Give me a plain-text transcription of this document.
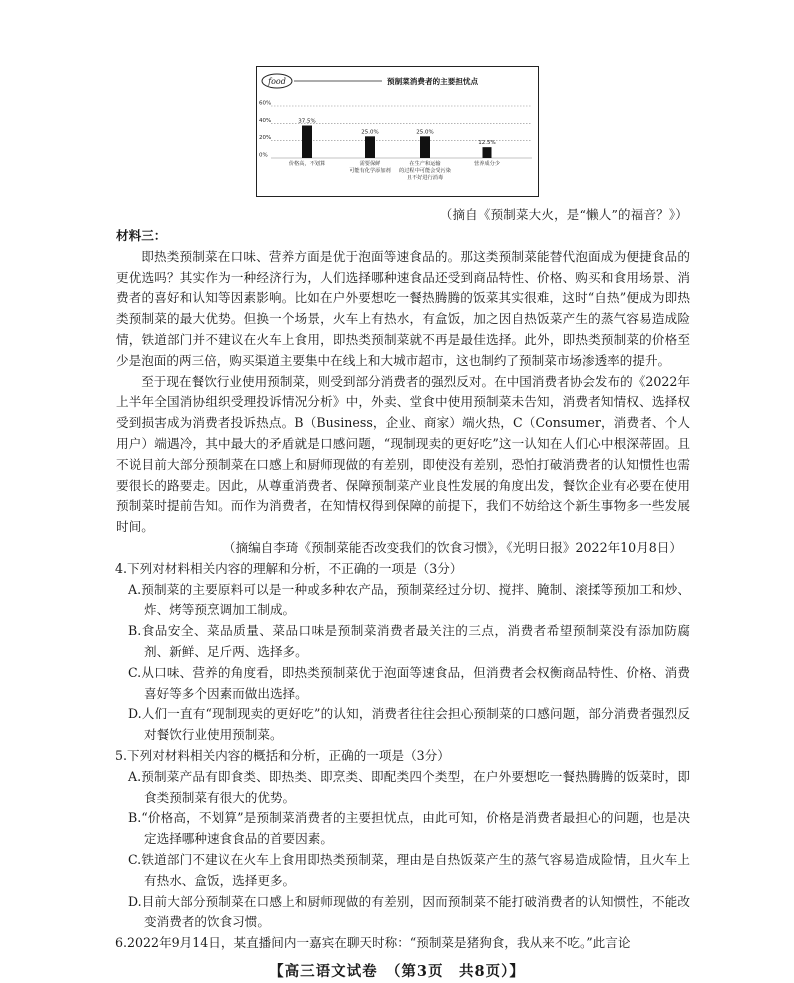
food	预制菜消费者的主要担忧点
0%
20%
40%
60%
37.5%
价格高，不划算
25.0%
需要保鲜
可能有化学添加剂
25.0%
在生产和运输
的过程中可能会受污染
且不好进行消毒
12.5%
营养成分少
（摘自《预制菜大火，是“懒人”的福音？》）

材料三：

即热类预制菜在口味、营养方面是优于泡面等速食品的。那这类预制菜能替代泡面成为便捷食品的更优选吗？其实作为一种经济行为，人们选择哪种速食品还受到商品特性、价格、购买和食用场景、消费者的喜好和认知等因素影响。比如在户外要想吃一餐热腾腾的饭菜其实很难，这时“自热”便成为即热类预制菜的最大优势。但换一个场景，火车上有热水，有盒饭，加之因自热饭菜产生的蒸气容易造成险情，铁道部门并不建议在火车上食用，即热类预制菜就不再是最佳选择。此外，即热类预制菜的价格至少是泡面的两三倍，购买渠道主要集中在线上和大城市超市，这也制约了预制菜市场渗透率的提升。

至于现在餐饮行业使用预制菜，则受到部分消费者的强烈反对。在中国消费者协会发布的《2022年上半年全国消协组织受理投诉情况分析》中，外卖、堂食中使用预制菜未告知，消费者知情权、选择权受到损害成为消费者投诉热点。B（Business，企业、商家）端火热，C（Consumer，消费者、个人用户）端遇冷，其中最大的矛盾就是口感问题，“现制现卖的更好吃”这一认知在人们心中根深蒂固。且不说目前大部分预制菜在口感上和厨师现做的有差别，即使没有差别，恐怕打破消费者的认知惯性也需要很长的路要走。因此，从尊重消费者、保障预制菜产业良性发展的角度出发，餐饮企业有必要在使用预制菜时提前告知。而作为消费者，在知情权得到保障的前提下，我们不妨给这个新生事物多一些发展时间。

（摘编自李琦《预制菜能否改变我们的饮食习惯》，《光明日报》2022年10月8日）

4.下列对材料相关内容的理解和分析，不正确的一项是（3分）

A.预制菜的主要原料可以是一种或多种农产品，预制菜经过分切、搅拌、腌制、滚揉等预加工和炒、炸、烤等预烹调加工制成。

B.食品安全、菜品质量、菜品口味是预制菜消费者最关注的三点，消费者希望预制菜没有添加防腐剂、新鲜、足斤两、选择多。

C.从口味、营养的角度看，即热类预制菜优于泡面等速食品，但消费者会权衡商品特性、价格、消费喜好等多个因素而做出选择。

D.人们一直有“现制现卖的更好吃”的认知，消费者往往会担心预制菜的口感问题，部分消费者强烈反对餐饮行业使用预制菜。

5.下列对材料相关内容的概括和分析，正确的一项是（3分）

A.预制菜产品有即食类、即热类、即烹类、即配类四个类型，在户外要想吃一餐热腾腾的饭菜时，即食类预制菜有很大的优势。

B.“价格高，不划算”是预制菜消费者的主要担忧点，由此可知，价格是消费者最担心的问题，也是决定选择哪种速食食品的首要因素。

C.铁道部门不建议在火车上食用即热类预制菜，理由是自热饭菜产生的蒸气容易造成险情，且火车上有热水、盒饭，选择更多。

D.目前大部分预制菜在口感上和厨师现做的有差别，因而预制菜不能打破消费者的认知惯性，不能改变消费者的饮食习惯。

6.2022年9月14日，某直播间内一嘉宾在聊天时称：“预制菜是猪狗食，我从来不吃。”此言论

【高三语文试卷　（第3页　共8页）】
